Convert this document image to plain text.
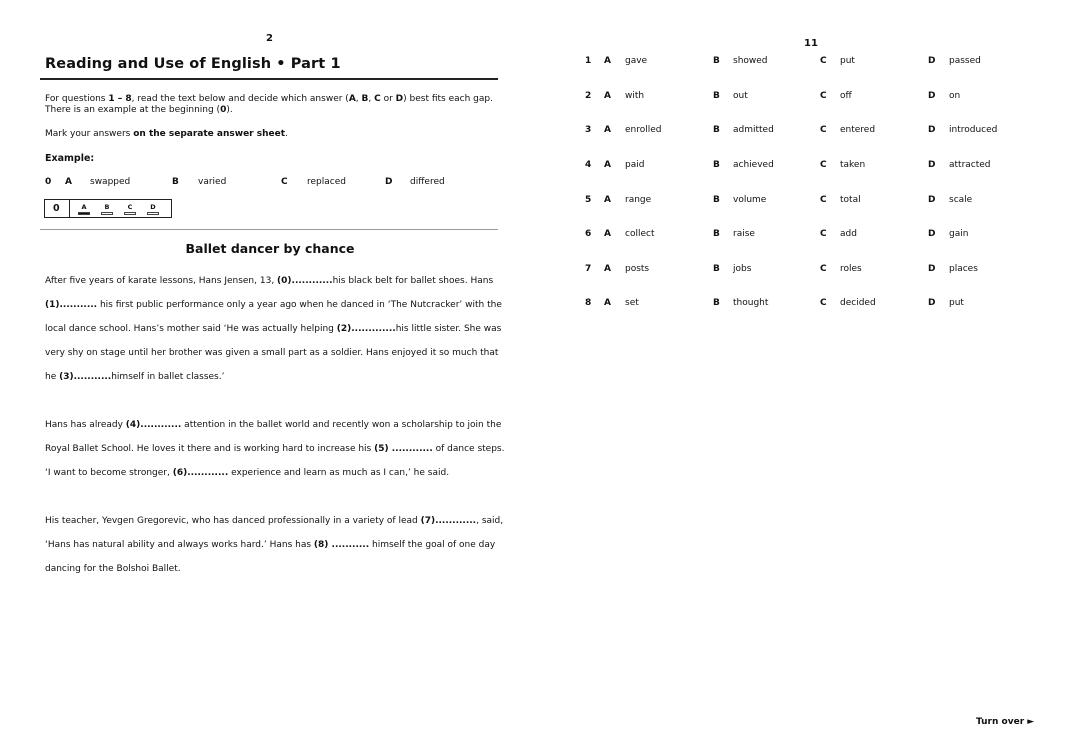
2
Reading and Use of English • Part 1
For questions 1 – 8, read the text below and decide which answer (A, B, C or D) best fits each gap.
There is an example at the beginning (0).
Mark your answers on the separate answer sheet.
Example:
0 A swapped	B varied	C replaced	D differed
0	A	B	C	D
Ballet dancer by chance
After five years of karate lessons, Hans Jensen, 13, (0)............his black belt for ballet shoes. Hans
(1)........... his first public performance only a year ago when he danced in ‘The Nutcracker’ with the
local dance school. Hans’s mother said ‘He was actually helping (2).............his little sister. She was
very shy on stage until her brother was given a small part as a soldier. Hans enjoyed it so much that
he (3)...........himself in ballet classes.’
Hans has already (4)............ attention in the ballet world and recently won a scholarship to join the
Royal Ballet School. He loves it there and is working hard to increase his (5) ............ of dance steps.
‘I want to become stronger, (6)............ experience and learn as much as I can,’ he said.
His teacher, Yevgen Gregorevic, who has danced professionally in a variety of lead (7)............, said,
‘Hans has natural ability and always works hard.’ Hans has (8) ........... himself the goal of one day
dancing for the Bolshoi Ballet.
11
1 A gave	B showed	C put	D passed
2 A with	B out	C off	D on
3 A enrolled	B admitted	C entered	D introduced
4 A paid	B achieved	C taken	D attracted
5 A range	B volume	C total	D scale
6 A collect	B raise	C add	D gain
7 A posts	B jobs	C roles	D places
8 A set	B thought	C decided	D put
Turn over ►
